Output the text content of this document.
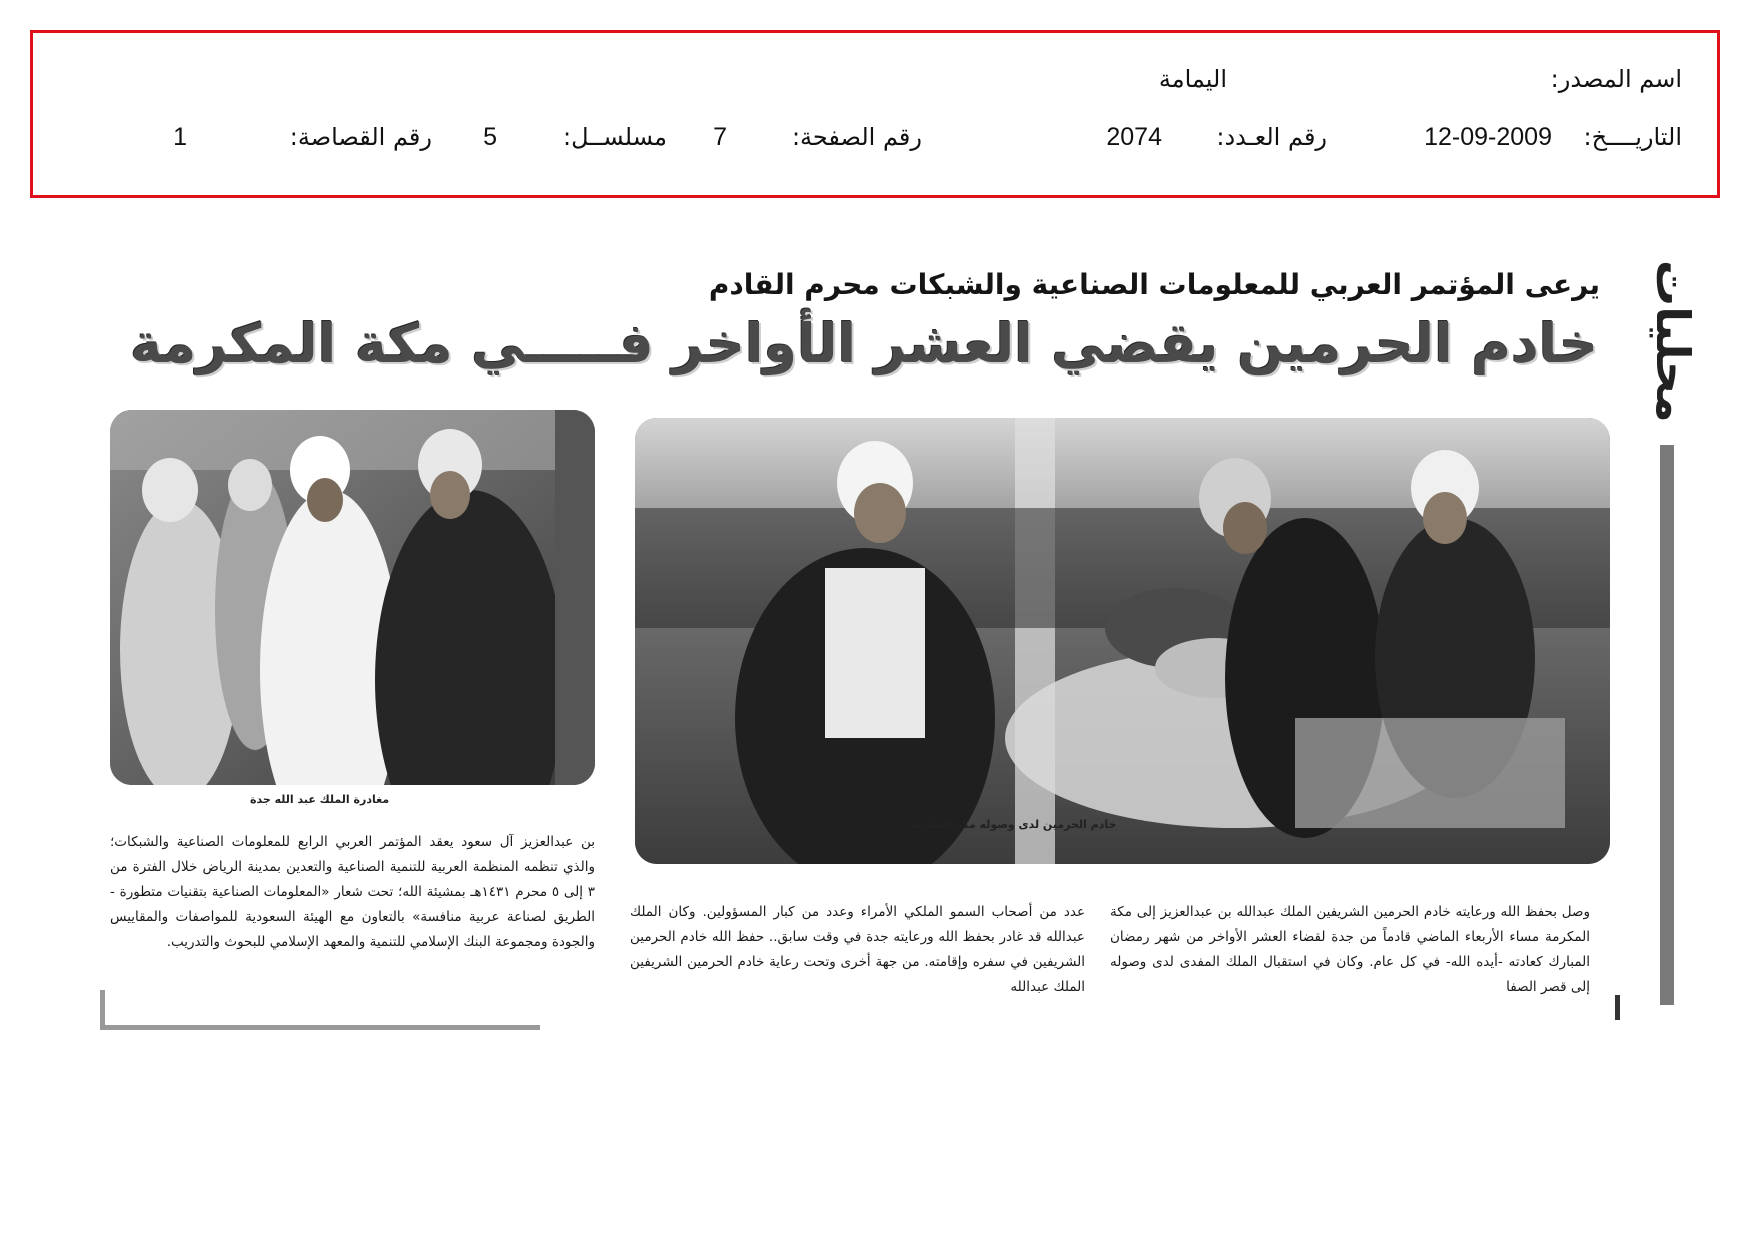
اسم المصدر:
اليمامة
التاريــــخ:
12-09-2009
رقم العـدد:
2074
رقم الصفحة:
7
مسلســل:
5
رقم القصاصة:
1
محليات
يرعى المؤتمر العربي للمعلومات الصناعية والشبكات محرم القادم
خادم الحرمين يقضي العشر الأواخر فـــــي مكة المكرمة
مغادرة الملك عبد الله جدة
خادم الحرمين لدى وصوله مكة المكرمة

وصل بحفظ الله ورعايته خادم الحرمين الشريفين الملك عبدالله بن عبدالعزيز إلى مكة المكرمة مساء الأربعاء الماضي قادماً من جدة لقضاء العشر الأواخر من شهر رمضان المبارك كعادته -أيده الله- في كل عام. وكان في استقبال الملك المفدى لدى وصوله إلى قصر الصفا

عدد من أصحاب السمو الملكي الأمراء وعدد من كبار المسؤولين. وكان الملك عبدالله قد غادر بحفظ الله ورعايته جدة في وقت سابق.. حفظ الله خادم الحرمين الشريفين في سفره وإقامته. من جهة أخرى وتحت رعاية خادم الحرمين الشريفين الملك عبدالله

بن عبدالعزيز آل سعود يعقد المؤتمر العربي الرابع للمعلومات الصناعية والشبكات؛ والذي تنظمه المنظمة العربية للتنمية الصناعية والتعدين بمدينة الرياض خلال الفترة من ٣ إلى ٥ محرم ١٤٣١هـ بمشيئة الله؛ تحت شعار «المعلومات الصناعية بتقنيات متطورة - الطريق لصناعة عربية منافسة» بالتعاون مع الهيئة السعودية للمواصفات والمقاييس والجودة ومجموعة البنك الإسلامي للتنمية والمعهد الإسلامي للبحوث والتدريب.
